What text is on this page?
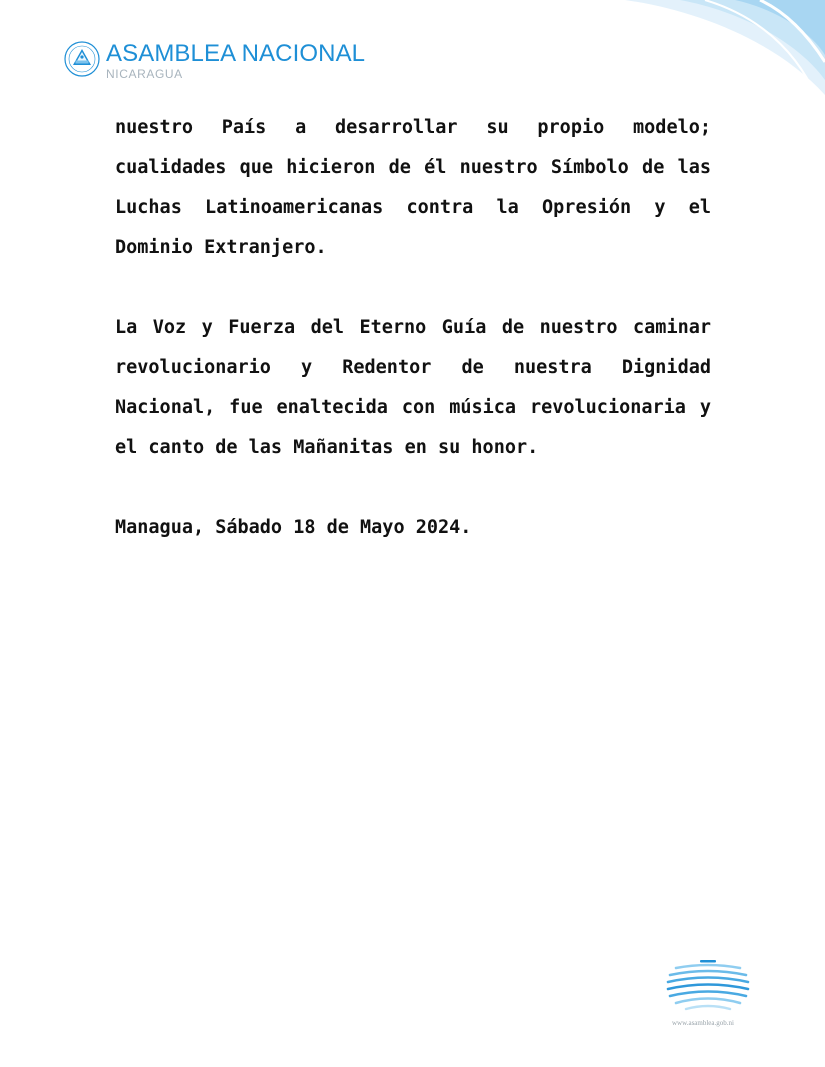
ASAMBLEA NACIONAL
NICARAGUA

nuestro País a desarrollar su propio modelo; cualidades que hicieron de él nuestro Símbolo de las Luchas Latinoamericanas contra la Opresión y el Dominio Extranjero.

La Voz y Fuerza del Eterno Guía de nuestro caminar revolucionario y Redentor de nuestra Dignidad Nacional, fue enaltecida con música revolucionaria y el canto de las Mañanitas en su honor.

Managua, Sábado 18 de Mayo 2024.

www.asamblea.gob.ni
